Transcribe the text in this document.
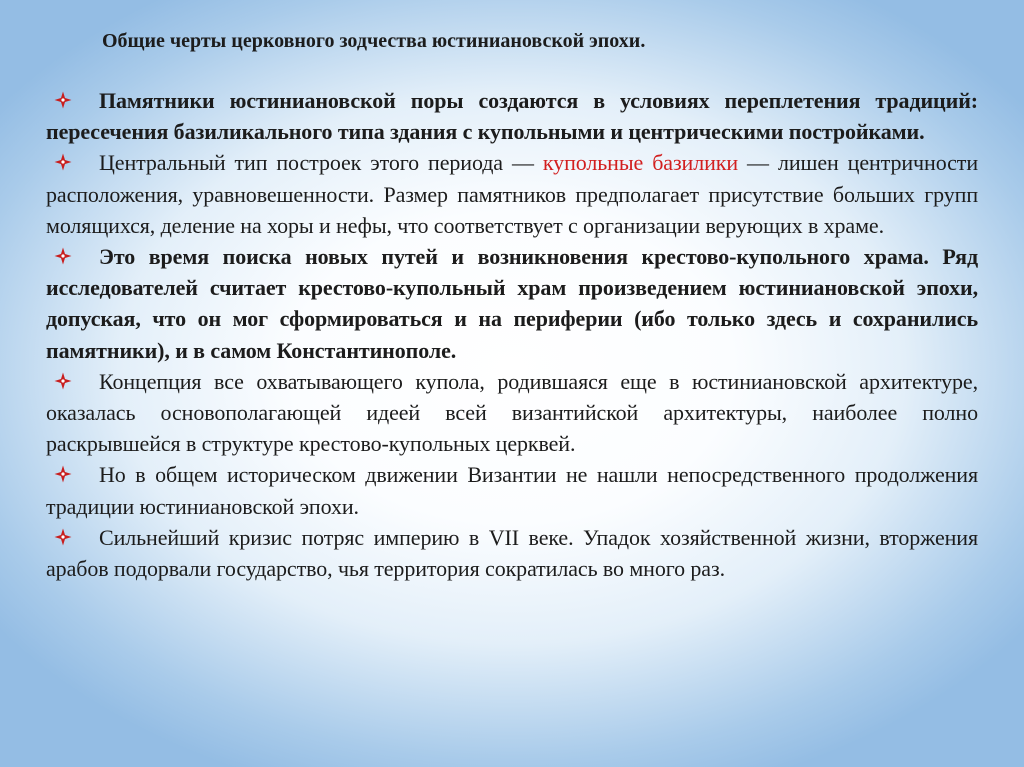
Общие черты церковного зодчества юстиниановской эпохи.
Памятники юстиниановской поры создаются в условиях переплетения традиций: пересечения базиликального типа здания с купольными и центрическими постройками.
Центральный тип построек этого периода — купольные базилики — лишен центричности расположения, уравновешенности. Размер памятников предполагает присутствие больших групп молящихся, деление на хоры и нефы, что соответствует с организации верующих в храме.
Это время поиска новых путей и возникновения крестово-купольного храма. Ряд исследователей считает крестово-купольный храм произведением юстиниановской эпохи, допуская, что он мог сформироваться и на периферии (ибо только здесь и сохранились памятники), и в самом Константинополе.
Концепция все охватывающего купола, родившаяся еще в юстиниановской архитектуре, оказалась основополагающей идеей всей византийской архитектуры, наиболее полно раскрывшейся в структуре крестово-купольных церквей.
Но в общем историческом движении Византии не нашли непосредственного продолжения традиции юстиниановской эпохи.
Сильнейший кризис потряс империю в VII веке. Упадок хозяйственной жизни, вторжения арабов подорвали государство, чья территория сократилась во много раз.
